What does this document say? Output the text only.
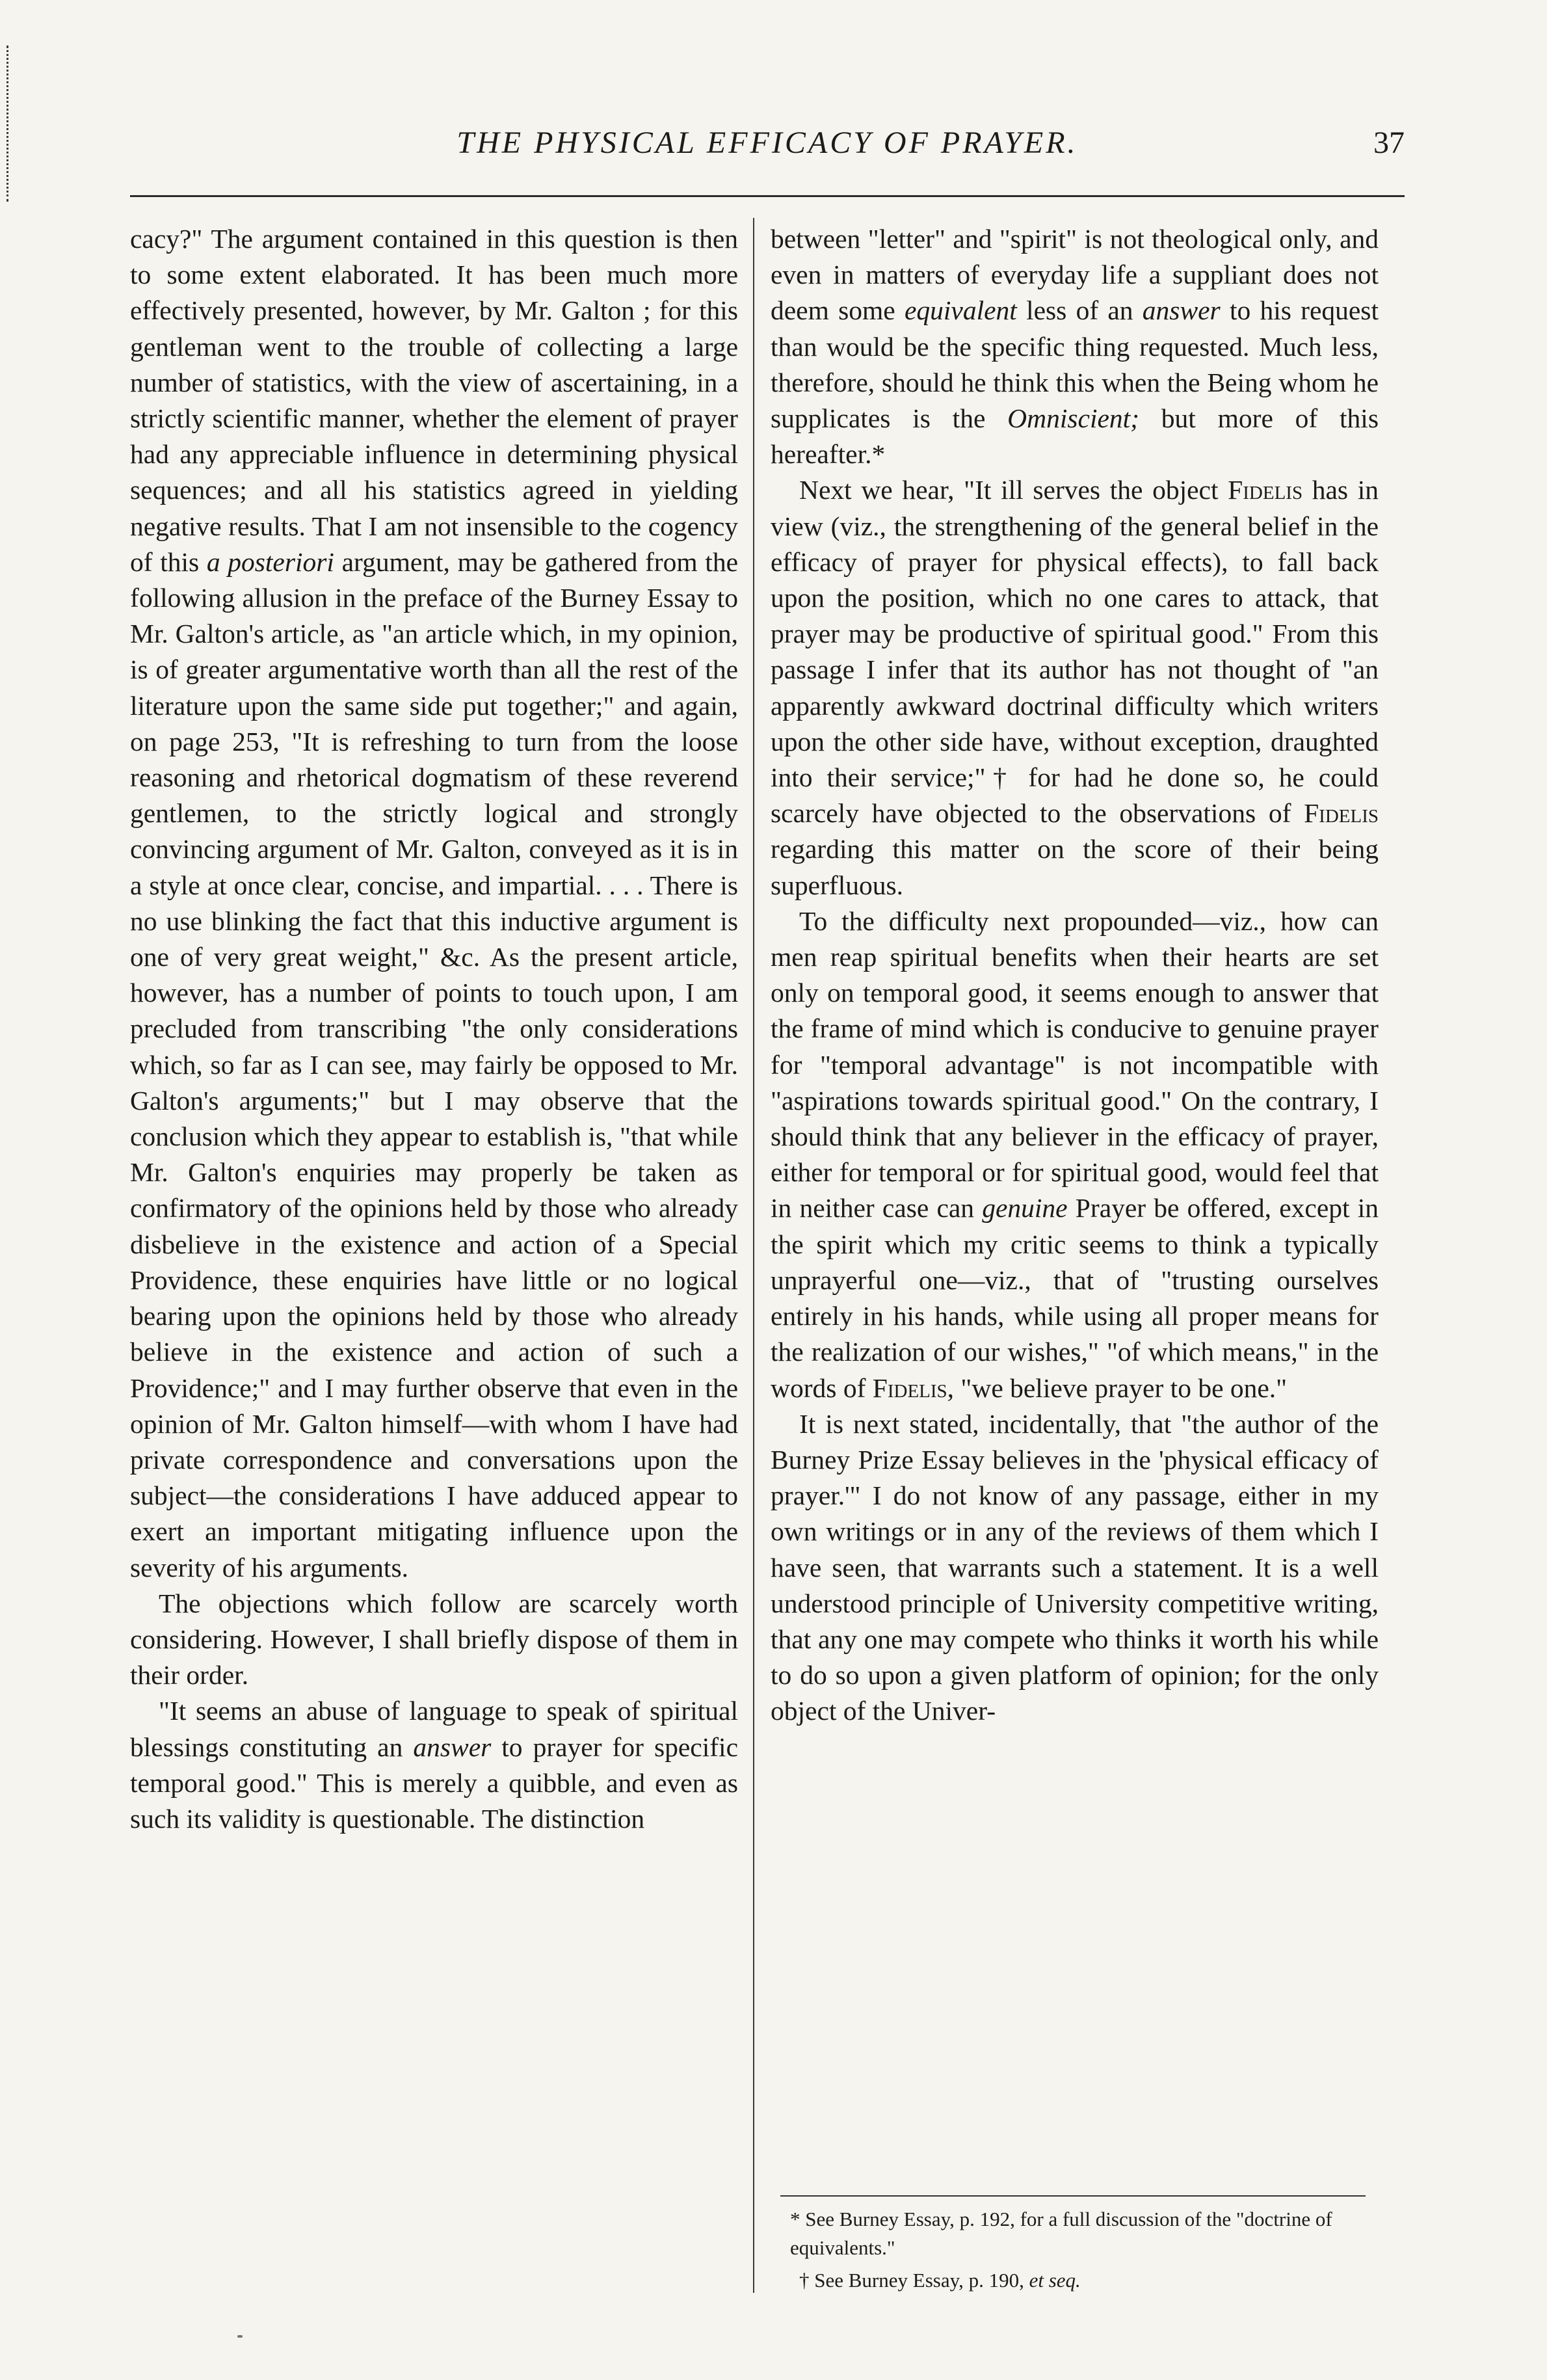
THE PHYSICAL EFFICACY OF PRAYER.	37

cacy?" The argument contained in this question is then to some extent elaborated. It has been much more effectively presented, however, by Mr. Galton ; for this gentleman went to the trouble of collecting a large number of statistics, with the view of ascertaining, in a strictly scientific manner, whether the element of prayer had any appreciable influence in determining physical sequences; and all his statistics agreed in yielding negative results. That I am not insensible to the cogency of this a posteriori argument, may be gathered from the following allusion in the preface of the Burney Essay to Mr. Galton's article, as "an article which, in my opinion, is of greater argumentative worth than all the rest of the literature upon the same side put together;" and again, on page 253, "It is refreshing to turn from the loose reasoning and rhetorical dogmatism of these reverend gentlemen, to the strictly logical and strongly convincing argument of Mr. Galton, conveyed as it is in a style at once clear, concise, and impartial. . . . There is no use blinking the fact that this inductive argument is one of very great weight," &c. As the present article, however, has a number of points to touch upon, I am precluded from transcribing "the only considerations which, so far as I can see, may fairly be opposed to Mr. Galton's arguments;" but I may observe that the conclusion which they appear to establish is, "that while Mr. Galton's enquiries may properly be taken as confirmatory of the opinions held by those who already disbelieve in the existence and action of a Special Providence, these enquiries have little or no logical bearing upon the opinions held by those who already believe in the existence and action of such a Providence;" and I may further observe that even in the opinion of Mr. Galton himself—with whom I have had private correspondence and conversations upon the subject—the considerations I have adduced appear to exert an important mitigating influence upon the severity of his arguments.

The objections which follow are scarcely worth considering. However, I shall briefly dispose of them in their order.

"It seems an abuse of language to speak of spiritual blessings constituting an answer to prayer for specific temporal good." This is merely a quibble, and even as such its validity is questionable. The distinction

between "letter" and "spirit" is not theological only, and even in matters of everyday life a suppliant does not deem some equivalent less of an answer to his request than would be the specific thing requested. Much less, therefore, should he think this when the Being whom he supplicates is the Omniscient; but more of this hereafter.*

Next we hear, "It ill serves the object Fidelis has in view (viz., the strengthening of the general belief in the efficacy of prayer for physical effects), to fall back upon the position, which no one cares to attack, that prayer may be productive of spiritual good." From this passage I infer that its author has not thought of "an apparently awkward doctrinal difficulty which writers upon the other side have, without exception, draughted into their service;"† for had he done so, he could scarcely have objected to the observations of Fidelis regarding this matter on the score of their being superfluous.

To the difficulty next propounded—viz., how can men reap spiritual benefits when their hearts are set only on temporal good, it seems enough to answer that the frame of mind which is conducive to genuine prayer for "temporal advantage" is not incompatible with "aspirations towards spiritual good." On the contrary, I should think that any believer in the efficacy of prayer, either for temporal or for spiritual good, would feel that in neither case can genuine Prayer be offered, except in the spirit which my critic seems to think a typically unprayerful one—viz., that of "trusting ourselves entirely in his hands, while using all proper means for the realization of our wishes," "of which means," in the words of Fidelis, "we believe prayer to be one."

It is next stated, incidentally, that "the author of the Burney Prize Essay believes in the 'physical efficacy of prayer.'" I do not know of any passage, either in my own writings or in any of the reviews of them which I have seen, that warrants such a statement. It is a well understood principle of University competitive writing, that any one may compete who thinks it worth his while to do so upon a given platform of opinion; for the only object of the Univer-

* See Burney Essay, p. 192, for a full discussion of the "doctrine of equivalents."

† See Burney Essay, p. 190, et seq.
